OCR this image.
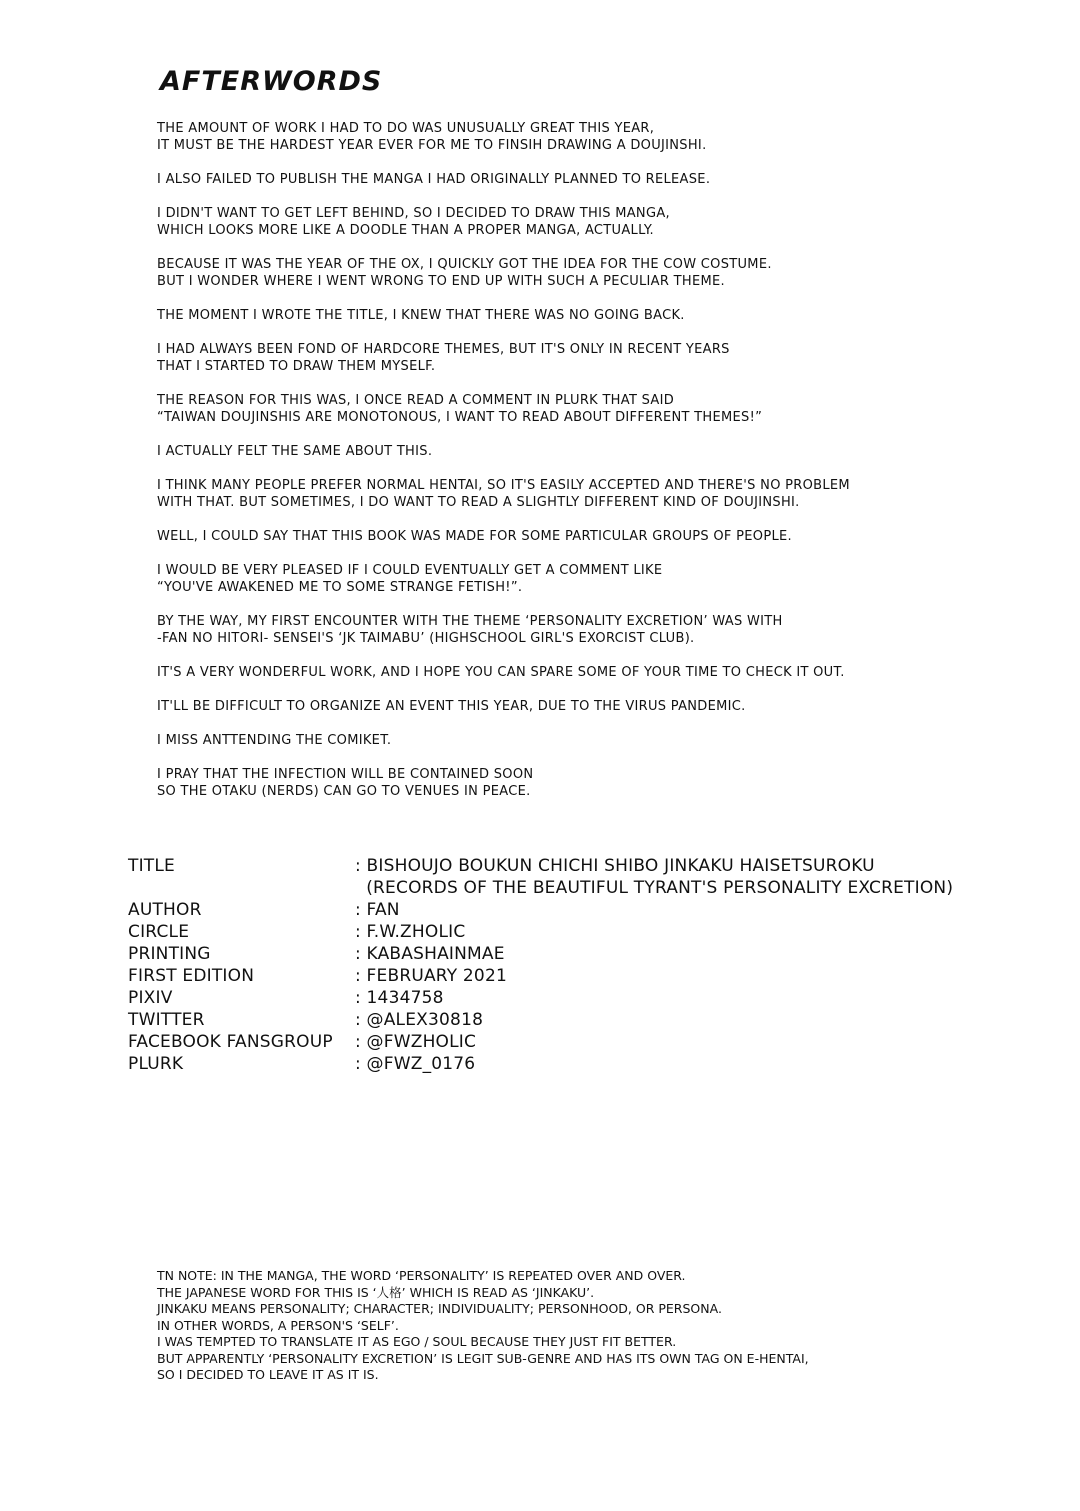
AFTERWORDS

THE AMOUNT OF WORK I HAD TO DO WAS UNUSUALLY GREAT THIS YEAR,
IT MUST BE THE HARDEST YEAR EVER FOR ME TO FINSIH DRAWING A DOUJINSHI.

I ALSO FAILED TO PUBLISH THE MANGA I HAD ORIGINALLY PLANNED TO RELEASE.

I DIDN'T WANT TO GET LEFT BEHIND, SO I DECIDED TO DRAW THIS MANGA,
WHICH LOOKS MORE LIKE A DOODLE THAN A PROPER MANGA, ACTUALLY.

BECAUSE IT WAS THE YEAR OF THE OX, I QUICKLY GOT THE IDEA FOR THE COW COSTUME.
BUT I WONDER WHERE I WENT WRONG TO END UP WITH SUCH A PECULIAR THEME.

THE MOMENT I WROTE THE TITLE, I KNEW THAT THERE WAS NO GOING BACK.

I HAD ALWAYS BEEN FOND OF HARDCORE THEMES, BUT IT'S ONLY IN RECENT YEARS
THAT I STARTED TO DRAW THEM MYSELF.

THE REASON FOR THIS WAS, I ONCE READ A COMMENT IN PLURK THAT SAID
“TAIWAN DOUJINSHIS ARE MONOTONOUS, I WANT TO READ ABOUT DIFFERENT THEMES!”

I ACTUALLY FELT THE SAME ABOUT THIS.

I THINK MANY PEOPLE PREFER NORMAL HENTAI, SO IT'S EASILY ACCEPTED AND THERE'S NO PROBLEM
WITH THAT. BUT SOMETIMES, I DO WANT TO READ A SLIGHTLY DIFFERENT KIND OF DOUJINSHI.

WELL, I COULD SAY THAT THIS BOOK WAS MADE FOR SOME PARTICULAR GROUPS OF PEOPLE.

I WOULD BE VERY PLEASED IF I COULD EVENTUALLY GET A COMMENT LIKE
“YOU'VE AWAKENED ME TO SOME STRANGE FETISH!”.

BY THE WAY, MY FIRST ENCOUNTER WITH THE THEME ‘PERSONALITY EXCRETION’ WAS WITH
-FAN NO HITORI- SENSEI'S ‘JK TAIMABU’ (HIGHSCHOOL GIRL'S EXORCIST CLUB).

IT'S A VERY WONDERFUL WORK, AND I HOPE YOU CAN SPARE SOME OF YOUR TIME TO CHECK IT OUT.

IT'LL BE DIFFICULT TO ORGANIZE AN EVENT THIS YEAR, DUE TO THE VIRUS PANDEMIC.

I MISS ANTTENDING THE COMIKET.

I PRAY THAT THE INFECTION WILL BE CONTAINED SOON
SO THE OTAKU (NERDS) CAN GO TO VENUES IN PEACE.

TITLE	: BISHOUJO BOUKUN CHICHI SHIBO JINKAKU HAISETSUROKU
(RECORDS OF THE BEAUTIFUL TYRANT'S PERSONALITY EXCRETION)
AUTHOR	: FAN
CIRCLE	: F.W.ZHOLIC
PRINTING	: KABASHAINMAE
FIRST EDITION	: FEBRUARY 2021
PIXIV	: 1434758
TWITTER	: @ALEX30818
FACEBOOK FANSGROUP	: @FWZHOLIC
PLURK	: @FWZ_0176
TN NOTE: IN THE MANGA, THE WORD ‘PERSONALITY’ IS REPEATED OVER AND OVER.
THE JAPANESE WORD FOR THIS IS ‘人格’ WHICH IS READ AS ‘JINKAKU’.
JINKAKU MEANS PERSONALITY; CHARACTER; INDIVIDUALITY; PERSONHOOD, OR PERSONA.
IN OTHER WORDS, A PERSON'S ‘SELF’.
I WAS TEMPTED TO TRANSLATE IT AS EGO / SOUL BECAUSE THEY JUST FIT BETTER.
BUT APPARENTLY ‘PERSONALITY EXCRETION’ IS LEGIT SUB-GENRE AND HAS ITS OWN TAG ON E-HENTAI,
SO I DECIDED TO LEAVE IT AS IT IS.
